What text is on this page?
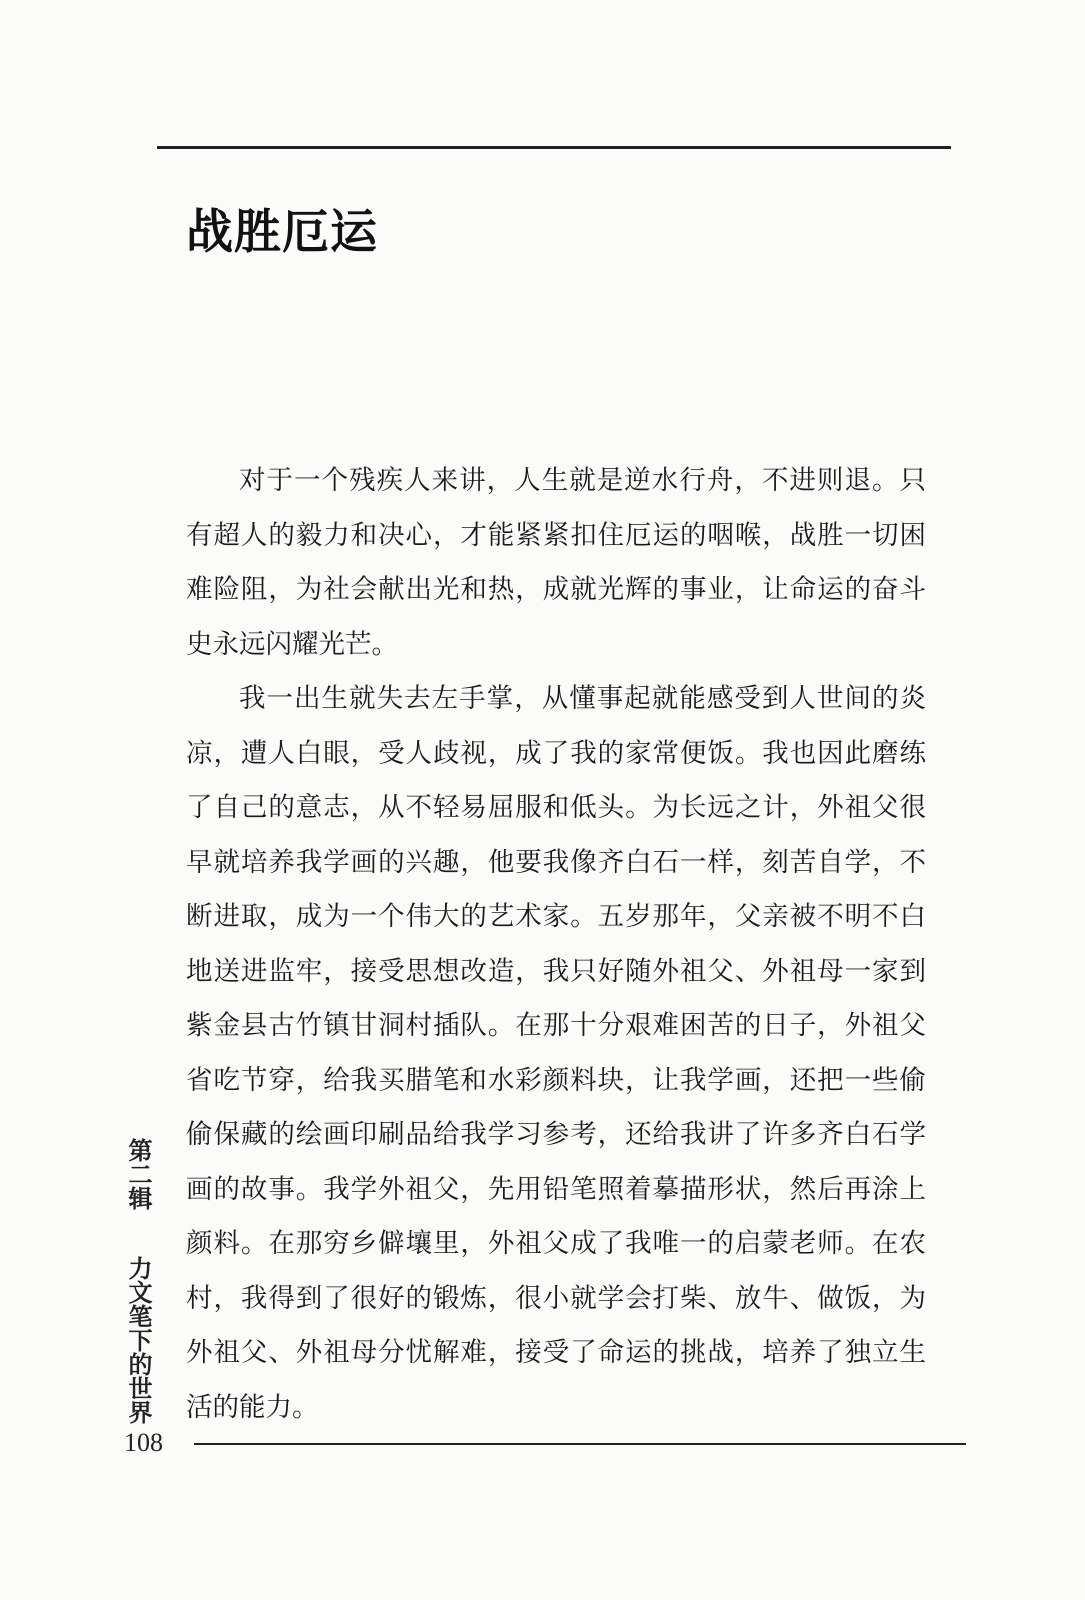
战胜厄运

对于一个残疾人来讲，人生就是逆水行舟，不进则退。只有超人的毅力和决心，才能紧紧扣住厄运的咽喉，战胜一切困难险阻，为社会献出光和热，成就光辉的事业，让命运的奋斗史永远闪耀光芒。

我一出生就失去左手掌，从懂事起就能感受到人世间的炎凉，遭人白眼，受人歧视，成了我的家常便饭。我也因此磨练了自己的意志，从不轻易屈服和低头。为长远之计，外祖父很早就培养我学画的兴趣，他要我像齐白石一样，刻苦自学，不断进取，成为一个伟大的艺术家。五岁那年，父亲被不明不白地送进监牢，接受思想改造，我只好随外祖父、外祖母一家到紫金县古竹镇甘洞村插队。在那十分艰难困苦的日子，外祖父省吃节穿，给我买腊笔和水彩颜料块，让我学画，还把一些偷偷保藏的绘画印刷品给我学习参考，还给我讲了许多齐白石学画的故事。我学外祖父，先用铅笔照着摹描形状，然后再涂上颜料。在那穷乡僻壤里，外祖父成了我唯一的启蒙老师。在农村，我得到了很好的锻炼，很小就学会打柴、放牛、做饭，为外祖父、外祖母分忧解难，接受了命运的挑战，培养了独立生活的能力。

第二辑 力文笔下的世界
108
